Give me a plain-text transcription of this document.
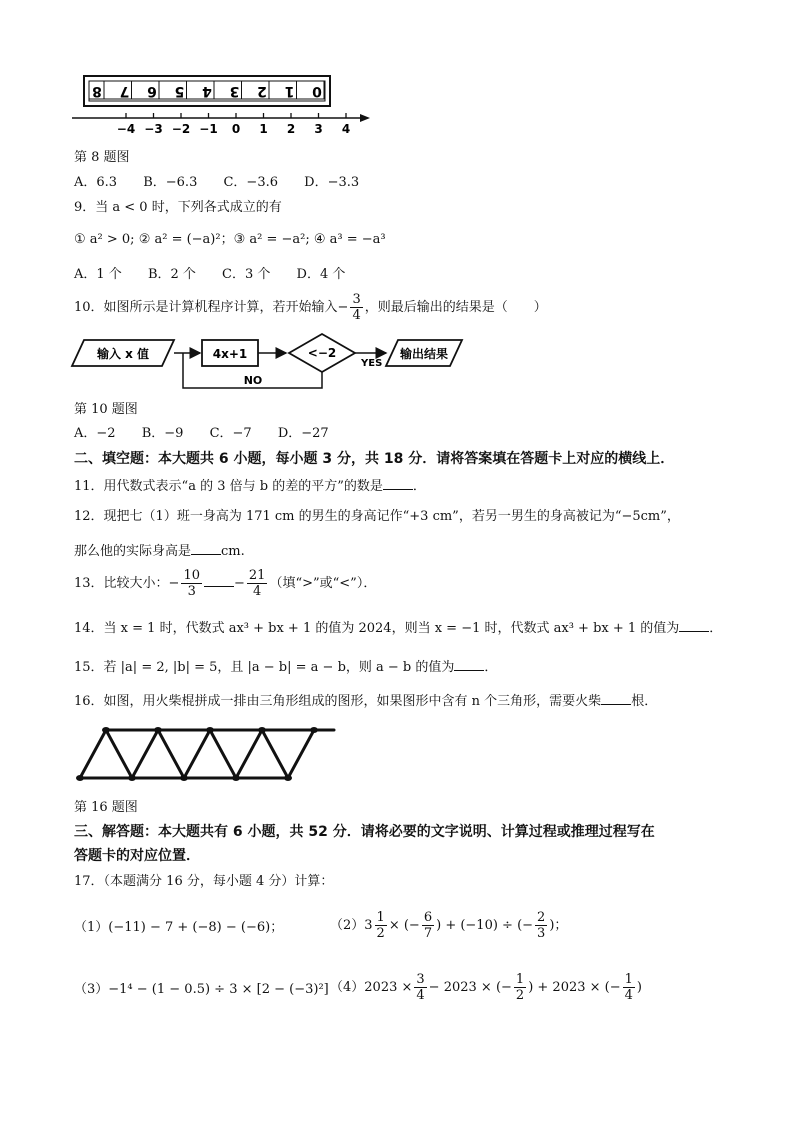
8 7 6 5 4 3 2 1 0
−4 −3 −2 −1 0 1 2 3 4
第 8 题图
A．6.3 B．−6.3 C．−3.6 D．−3.3
9．当 a < 0 时，下列各式成立的有
① a² > 0; ② a² = (−a)²；③ a² = −a²; ④ a³ = −a³
A．1 个 B．2 个 C．3 个 D．4 个
10．如图所示是计算机程序计算，若开始输入− $\frac{3}{4}$ ，则最后输出的结果是（　　）
输入 x 值	4x+1	<−2
YES
输出结果
NO
第 10 题图
A．−2 B．−9 C．−7 D．−27
二、填空题：本大题共 6 小题，每小题 3 分，共 18 分．请将答案填在答题卡上对应的横线上．
11．用代数式表示“a 的 3 倍与 b 的差的平方”的数是 ．
12．现把七（1）班一身高为 171 cm 的男生的身高记作“+3 cm”，若另一男生的身高被记为“−5cm”，
那么他的实际身高是 cm.
13．比较大小：− $\frac{10}{3} - \frac{21}{4}$ （填“>”或“<”）．
14．当 x = 1 时，代数式 ax³ + bx + 1 的值为 2024，则当 x = −1 时，代数式 ax³ + bx + 1 的值为 ．
15．若 |a| = 2, |b| = 5，且 |a − b| = a − b，则 a − b 的值为 ．
16．如图，用火柴棍拼成一排由三角形组成的图形，如果图形中含有 n 个三角形，需要火柴 根．
第 16 题图
三、解答题：本大题共有 6 小题，共 52 分．请将必要的文字说明、计算过程或推理过程写在
答题卡的对应位置．
17．（本题满分 16 分，每小题 4 分）计算：
（1）(−11) − 7 + (−8) − (−6)；	$(2)3 \frac{1}{2}$ × (− $\frac{6}{7}$ ) + (−10) ÷ (− $\frac{2}{3}$ )；
（3）−1⁴ − (1 − 0.5) ÷ 3 × [2 − (−3)²] $(4)2023 \times \frac{3}{4} - 2023$ × (− $\frac{1}{2}$ ) + 2023 × (− $\frac{1}{4}$ )
